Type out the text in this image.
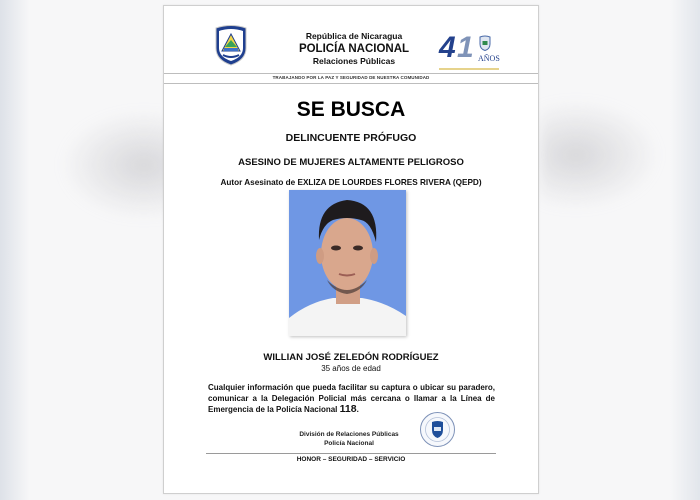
República de Nicaragua
POLICÍA NACIONAL
Relaciones Públicas	4 1 AÑOS
TRABAJANDO POR LA PAZ Y SEGURIDAD DE NUESTRA COMUNIDAD
SE BUSCA
DELINCUENTE PRÓFUGO
ASESINO DE MUJERES ALTAMENTE PELIGROSO
Autor Asesinato de EXLIZA DE LOURDES FLORES RIVERA (QEPD)
WILLIAN JOSÉ ZELEDÓN RODRÍGUEZ
35 años de edad
Cualquier información que pueda facilitar su captura o ubicar su paradero, comunicar a la Delegación Policial más cercana o llamar a la Línea de Emergencia de la Policía Nacional 118.
División de Relaciones Públicas
Policía Nacional
HONOR – SEGURIDAD – SERVICIO
